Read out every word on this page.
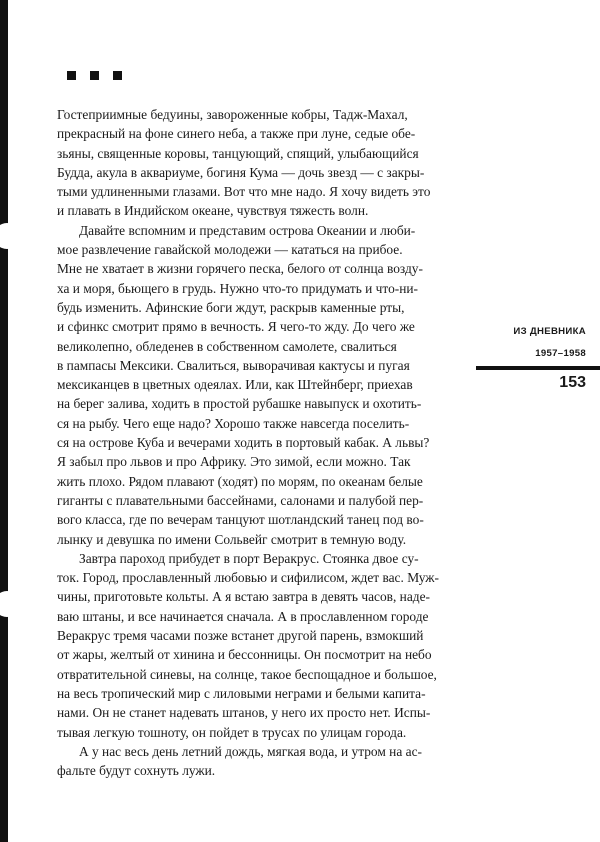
Гостеприимные бедуины, завороженные кобры, Тадж-Махал,
прекрасный на фоне синего неба, а также при луне, седые обе-
зьяны, священные коровы, танцующий, спящий, улыбающийся
Будда, акула в аквариуме, богиня Кума — дочь звезд — с закры-
тыми удлиненными глазами. Вот что мне надо. Я хочу видеть это
и плавать в Индийском океане, чувствуя тяжесть волн.

Давайте вспомним и представим острова Океании и люби-
мое развлечение гавайской молодежи — кататься на прибое.
Мне не хватает в жизни горячего песка, белого от солнца возду-
ха и моря, бьющего в грудь. Нужно что-то придумать и что-ни-
будь изменить. Афинские боги ждут, раскрыв каменные рты,
и сфинкс смотрит прямо в вечность. Я чего-то жду. До чего же
великолепно, обледенев в собственном самолете, свалиться
в пампасы Мексики. Свалиться, выворачивая кактусы и пугая
мексиканцев в цветных одеялах. Или, как Штейнберг, приехав
на берег залива, ходить в простой рубашке навыпуск и охотить-
ся на рыбу. Чего еще надо? Хорошо также навсегда поселить-
ся на острове Куба и вечерами ходить в портовый кабак. А львы?
Я забыл про львов и про Африку. Это зимой, если можно. Так
жить плохо. Рядом плавают (ходят) по морям, по океанам белые
гиганты с плавательными бассейнами, салонами и палубой пер-
вого класса, где по вечерам танцуют шотландский танец под во-
лынку и девушка по имени Сольвейг смотрит в темную воду.

Завтра пароход прибудет в порт Веракрус. Стоянка двое су-
ток. Город, прославленный любовью и сифилисом, ждет вас. Муж-
чины, приготовьте кольты. А я встаю завтра в девять часов, наде-
ваю штаны, и все начинается сначала. А в прославленном городе
Веракрус тремя часами позже встанет другой парень, взмокший
от жары, желтый от хинина и бессонницы. Он посмотрит на небо
отвратительной синевы, на солнце, такое беспощадное и большое,
на весь тропический мир с лиловыми неграми и белыми капита-
нами. Он не станет надевать штанов, у него их просто нет. Испы-
тывая легкую тошноту, он пойдет в трусах по улицам города.

А у нас весь день летний дождь, мягкая вода, и утром на ас-
фальте будут сохнуть лужи.

ИЗ ДНЕВНИКА
1957–1958
153
